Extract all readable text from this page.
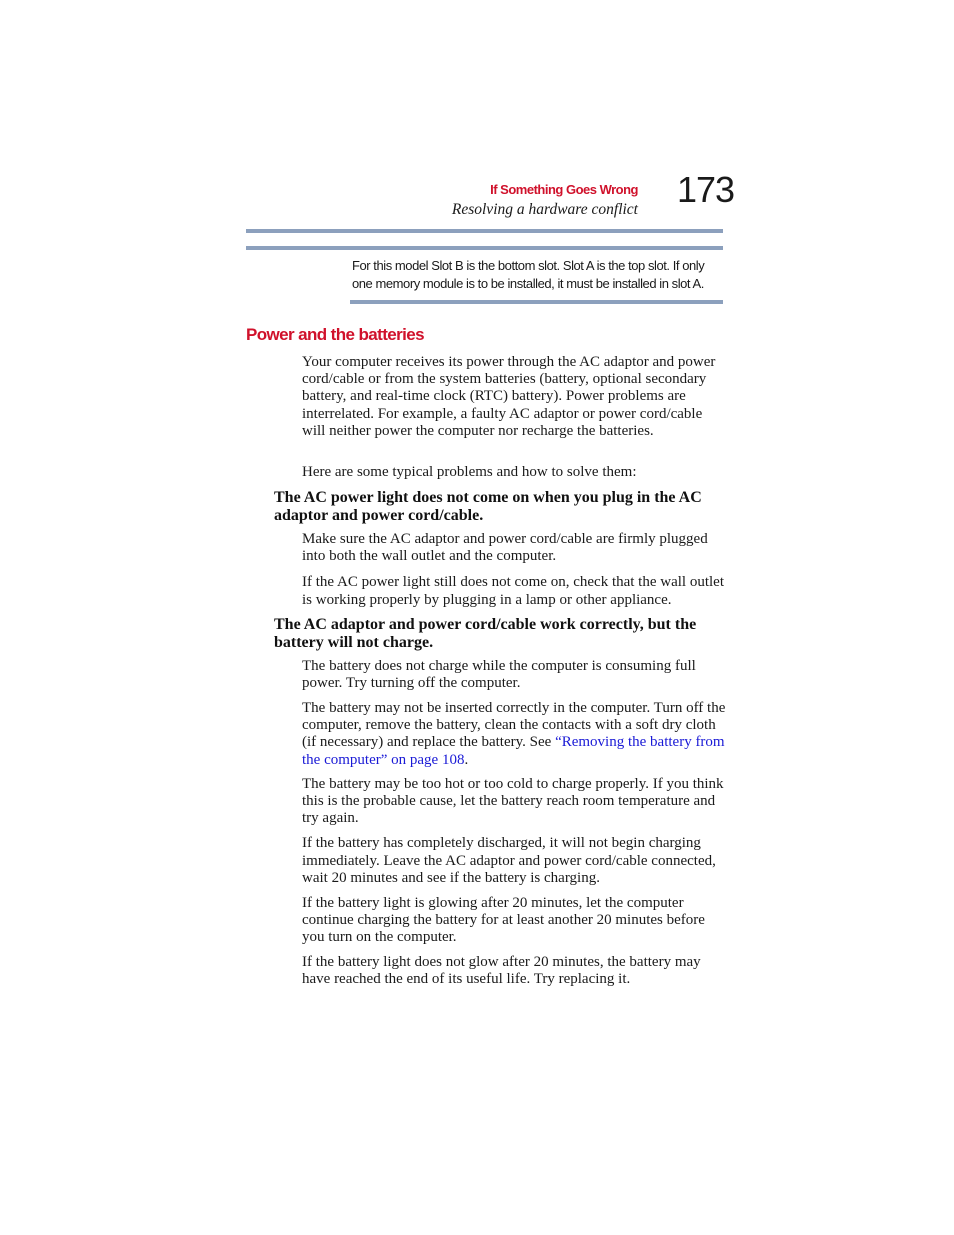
If Something Goes Wrong
Resolving a hardware conflict 173
For this model Slot B is the bottom slot. Slot A is the top slot. If only one memory module is to be installed, it must be installed in slot A.
Power and the batteries
Your computer receives its power through the AC adaptor and power cord/cable or from the system batteries (battery, optional secondary battery, and real-time clock (RTC) battery). Power problems are interrelated. For example, a faulty AC adaptor or power cord/cable will neither power the computer nor recharge the batteries.
Here are some typical problems and how to solve them:
The AC power light does not come on when you plug in the AC adaptor and power cord/cable.
Make sure the AC adaptor and power cord/cable are firmly plugged into both the wall outlet and the computer.
If the AC power light still does not come on, check that the wall outlet is working properly by plugging in a lamp or other appliance.
The AC adaptor and power cord/cable work correctly, but the battery will not charge.
The battery does not charge while the computer is consuming full power. Try turning off the computer.
The battery may not be inserted correctly in the computer. Turn off the computer, remove the battery, clean the contacts with a soft dry cloth (if necessary) and replace the battery. See “Removing the battery from the computer” on page 108.
The battery may be too hot or too cold to charge properly. If you think this is the probable cause, let the battery reach room temperature and try again.
If the battery has completely discharged, it will not begin charging immediately. Leave the AC adaptor and power cord/cable connected, wait 20 minutes and see if the battery is charging.
If the battery light is glowing after 20 minutes, let the computer continue charging the battery for at least another 20 minutes before you turn on the computer.
If the battery light does not glow after 20 minutes, the battery may have reached the end of its useful life. Try replacing it.
